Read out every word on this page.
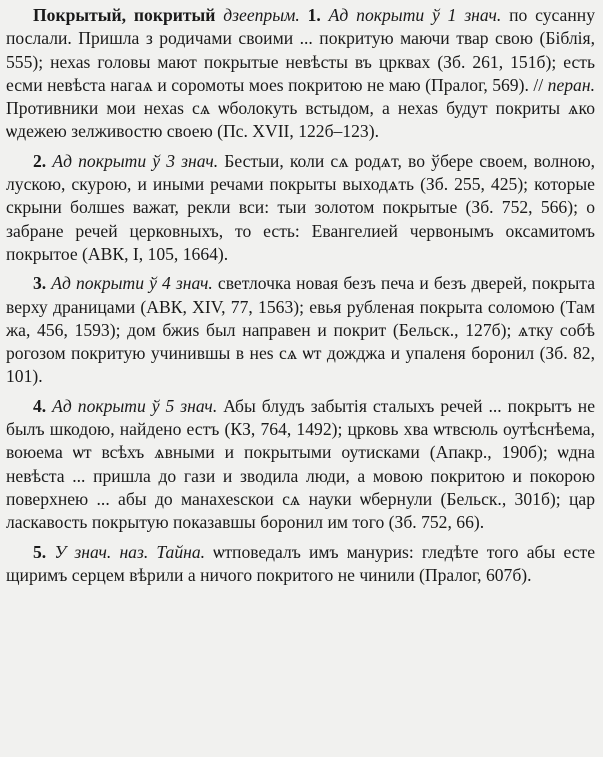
Покрытый, покритый дзеепрым. 1. Ад покрыти ў 1 знач. по сусанну послали. Пришла з родичами своими ... покритую маючи твар свою (Біблія, 555); нехаs головы мают покрытые невѣсты въ црквах (Зб. 261, 151б); есть есми невѣста нагаѧ и соромоты моеs покритою не маю (Пралог, 569). // перан. Противники мои нехаs сѧ ѡболокуть встыдом, а нехаs будут покриты ѧко ѡдежею зелживостю своею (Пс. XVII, 122б–123).

2. Ад покрыти ў 3 знач. Бестыи, коли сѧ родѧт, во ўбере своем, волною, лускою, скурою, и иными речами покрыты выходѧть (Зб. 255, 425); которые скрыни болшеs важат, рекли вси: тыи золотом покрытые (Зб. 752, 566); о забране речей церковныхъ, то есть: Евангелией червонымъ оксамитомъ покрытое (АВК, I, 105, 1664).

3. Ад покрыти ў 4 знач. светлочка новая безъ печа и безъ дверей, покрыта верху драницами (АВК, XIV, 77, 1563); евья рубленая покрыта соломою (Там жа, 456, 1593); дом бжиs был направен и покрит (Бельск., 127б); ѧтку собѣ рогозом покритую учинившы в неs сѧ ѡт дожджа и упаленя боронил (Зб. 82, 101).

4. Ад покрыти ў 5 знач. Абы блудъ забытія сталыхъ речей ... покрытъ не былъ шкодою, найдено естъ (КЗ, 764, 1492); црковь хва ѡтвсюль оутѣснѣема, воюема ѡт всѣхъ ѧвными и покрытыми оутисками (Апакр., 190б); ѡдна невѣста ... пришла до гази и зводила люди, а мовою покритою и покорою поверхнею ... абы до манахеsскои сѧ науки ѡбернули (Бельск., 301б); цар ласкавость покрытую показавшы боронил им того (Зб. 752, 66).

5. У знач. наз. Тайна. ѡтповедалъ имъ мануриs: гледѣте того абы есте щиримъ серцем вѣрили а ничого покритого не чинили (Пралог, 607б).
